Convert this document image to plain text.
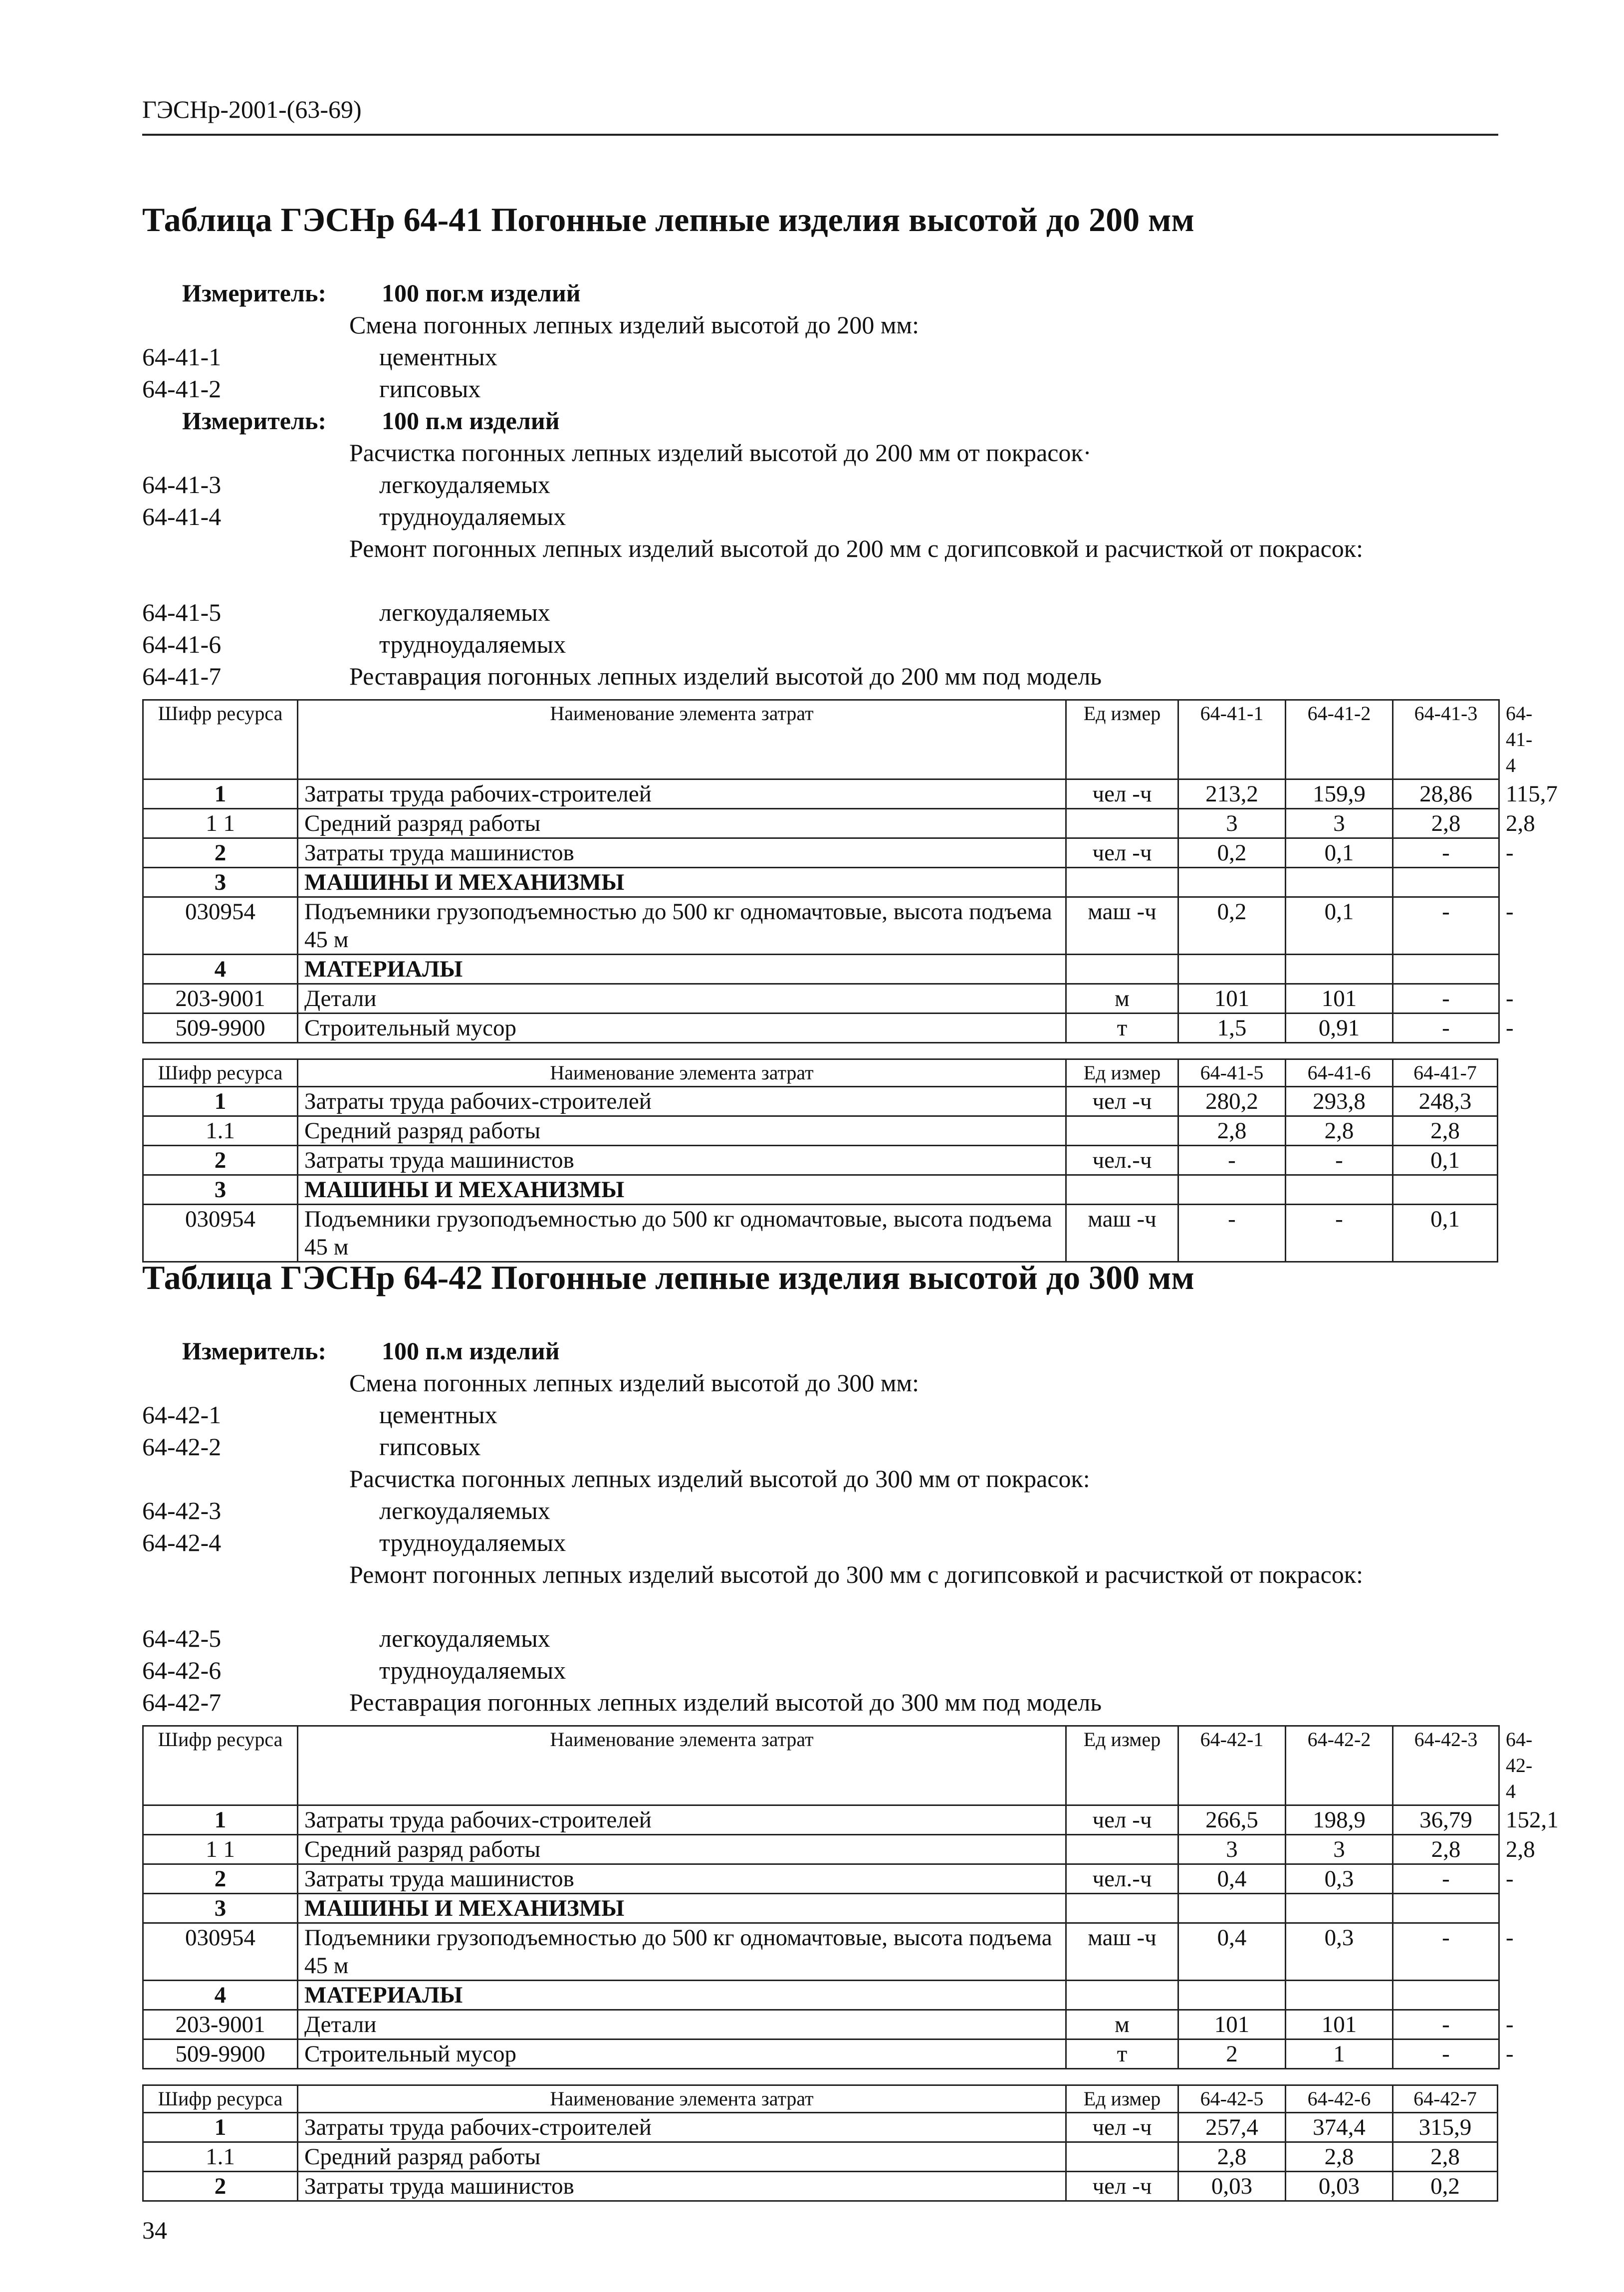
ГЭСНр-2001-(63-69)
Таблица ГЭСНр 64-41 Погонные лепные изделия высотой до 200 мм
Измеритель: 100 пог.м изделий
Смена погонных лепных изделий высотой до 200 мм:
64-41-1	цементных
64-41-2	гипсовых
Измеритель: 100 п.м изделий
Расчистка погонных лепных изделий высотой до 200 мм от покрасок·
64-41-3	легкоудаляемых
64-41-4	трудноудаляемых
Ремонт погонных лепных изделий высотой до 200 мм с догипсовкой и расчисткой от покрасок:
64-41-5	легкоудаляемых
64-41-6	трудноудаляемых
64-41-7	Реставрация погонных лепных изделий высотой до 200 мм под модель
Шифр ресурса	Наименование элемента затрат	Ед измер	64-41-1	64-41-2	64-41-3	64-41-4
1	Затраты труда рабочих-строителей	чел -ч	213,2	159,9	28,86	115,7
1 1	Средний разряд работы		3	3	2,8	2,8
2	Затраты труда машинистов	чел -ч	0,2	0,1	-	-
3	МАШИНЫ И МЕХАНИЗМЫ					
030954	Подъемники грузоподъемностью до 500 кг одномачтовые, высота подъема 45 м	маш -ч	0,2	0,1	-	-
4	МАТЕРИАЛЫ					
203-9001	Детали	м	101	101	-	-
509-9900	Строительный мусор	т	1,5	0,91	-	-
Шифр ресурса	Наименование элемента затрат	Ед измер	64-41-5	64-41-6	64-41-7
1	Затраты труда рабочих-строителей	чел -ч	280,2	293,8	248,3
1.1	Средний разряд работы		2,8	2,8	2,8
2	Затраты труда машинистов	чел.-ч	-	-	0,1
3	МАШИНЫ И МЕХАНИЗМЫ				
030954	Подъемники грузоподъемностью до 500 кг одномачтовые, высота подъема 45 м	маш -ч	-	-	0,1
Таблица ГЭСНр 64-42 Погонные лепные изделия высотой до 300 мм
Измеритель: 100 п.м изделий
Смена погонных лепных изделий высотой до 300 мм:
64-42-1	цементных
64-42-2	гипсовых
Расчистка погонных лепных изделий высотой до 300 мм от покрасок:
64-42-3	легкоудаляемых
64-42-4	трудноудаляемых
Ремонт погонных лепных изделий высотой до 300 мм с догипсовкой и расчисткой от покрасок:
64-42-5	легкоудаляемых
64-42-6	трудноудаляемых
64-42-7	Реставрация погонных лепных изделий высотой до 300 мм под модель
Шифр ресурса	Наименование элемента затрат	Ед измер	64-42-1	64-42-2	64-42-3	64-42-4
1	Затраты труда рабочих-строителей	чел -ч	266,5	198,9	36,79	152,1
1 1	Средний разряд работы		3	3	2,8	2,8
2	Затраты труда машинистов	чел.-ч	0,4	0,3	-	-
3	МАШИНЫ И МЕХАНИЗМЫ					
030954	Подъемники грузоподъемностью до 500 кг одномачтовые, высота подъема 45 м	маш -ч	0,4	0,3	-	-
4	МАТЕРИАЛЫ					
203-9001	Детали	м	101	101	-	-
509-9900	Строительный мусор	т	2	1	-	-
Шифр ресурса	Наименование элемента затрат	Ед измер	64-42-5	64-42-6	64-42-7
1	Затраты труда рабочих-строителей	чел -ч	257,4	374,4	315,9
1.1	Средний разряд работы		2,8	2,8	2,8
2	Затраты труда машинистов	чел -ч	0,03	0,03	0,2
34
